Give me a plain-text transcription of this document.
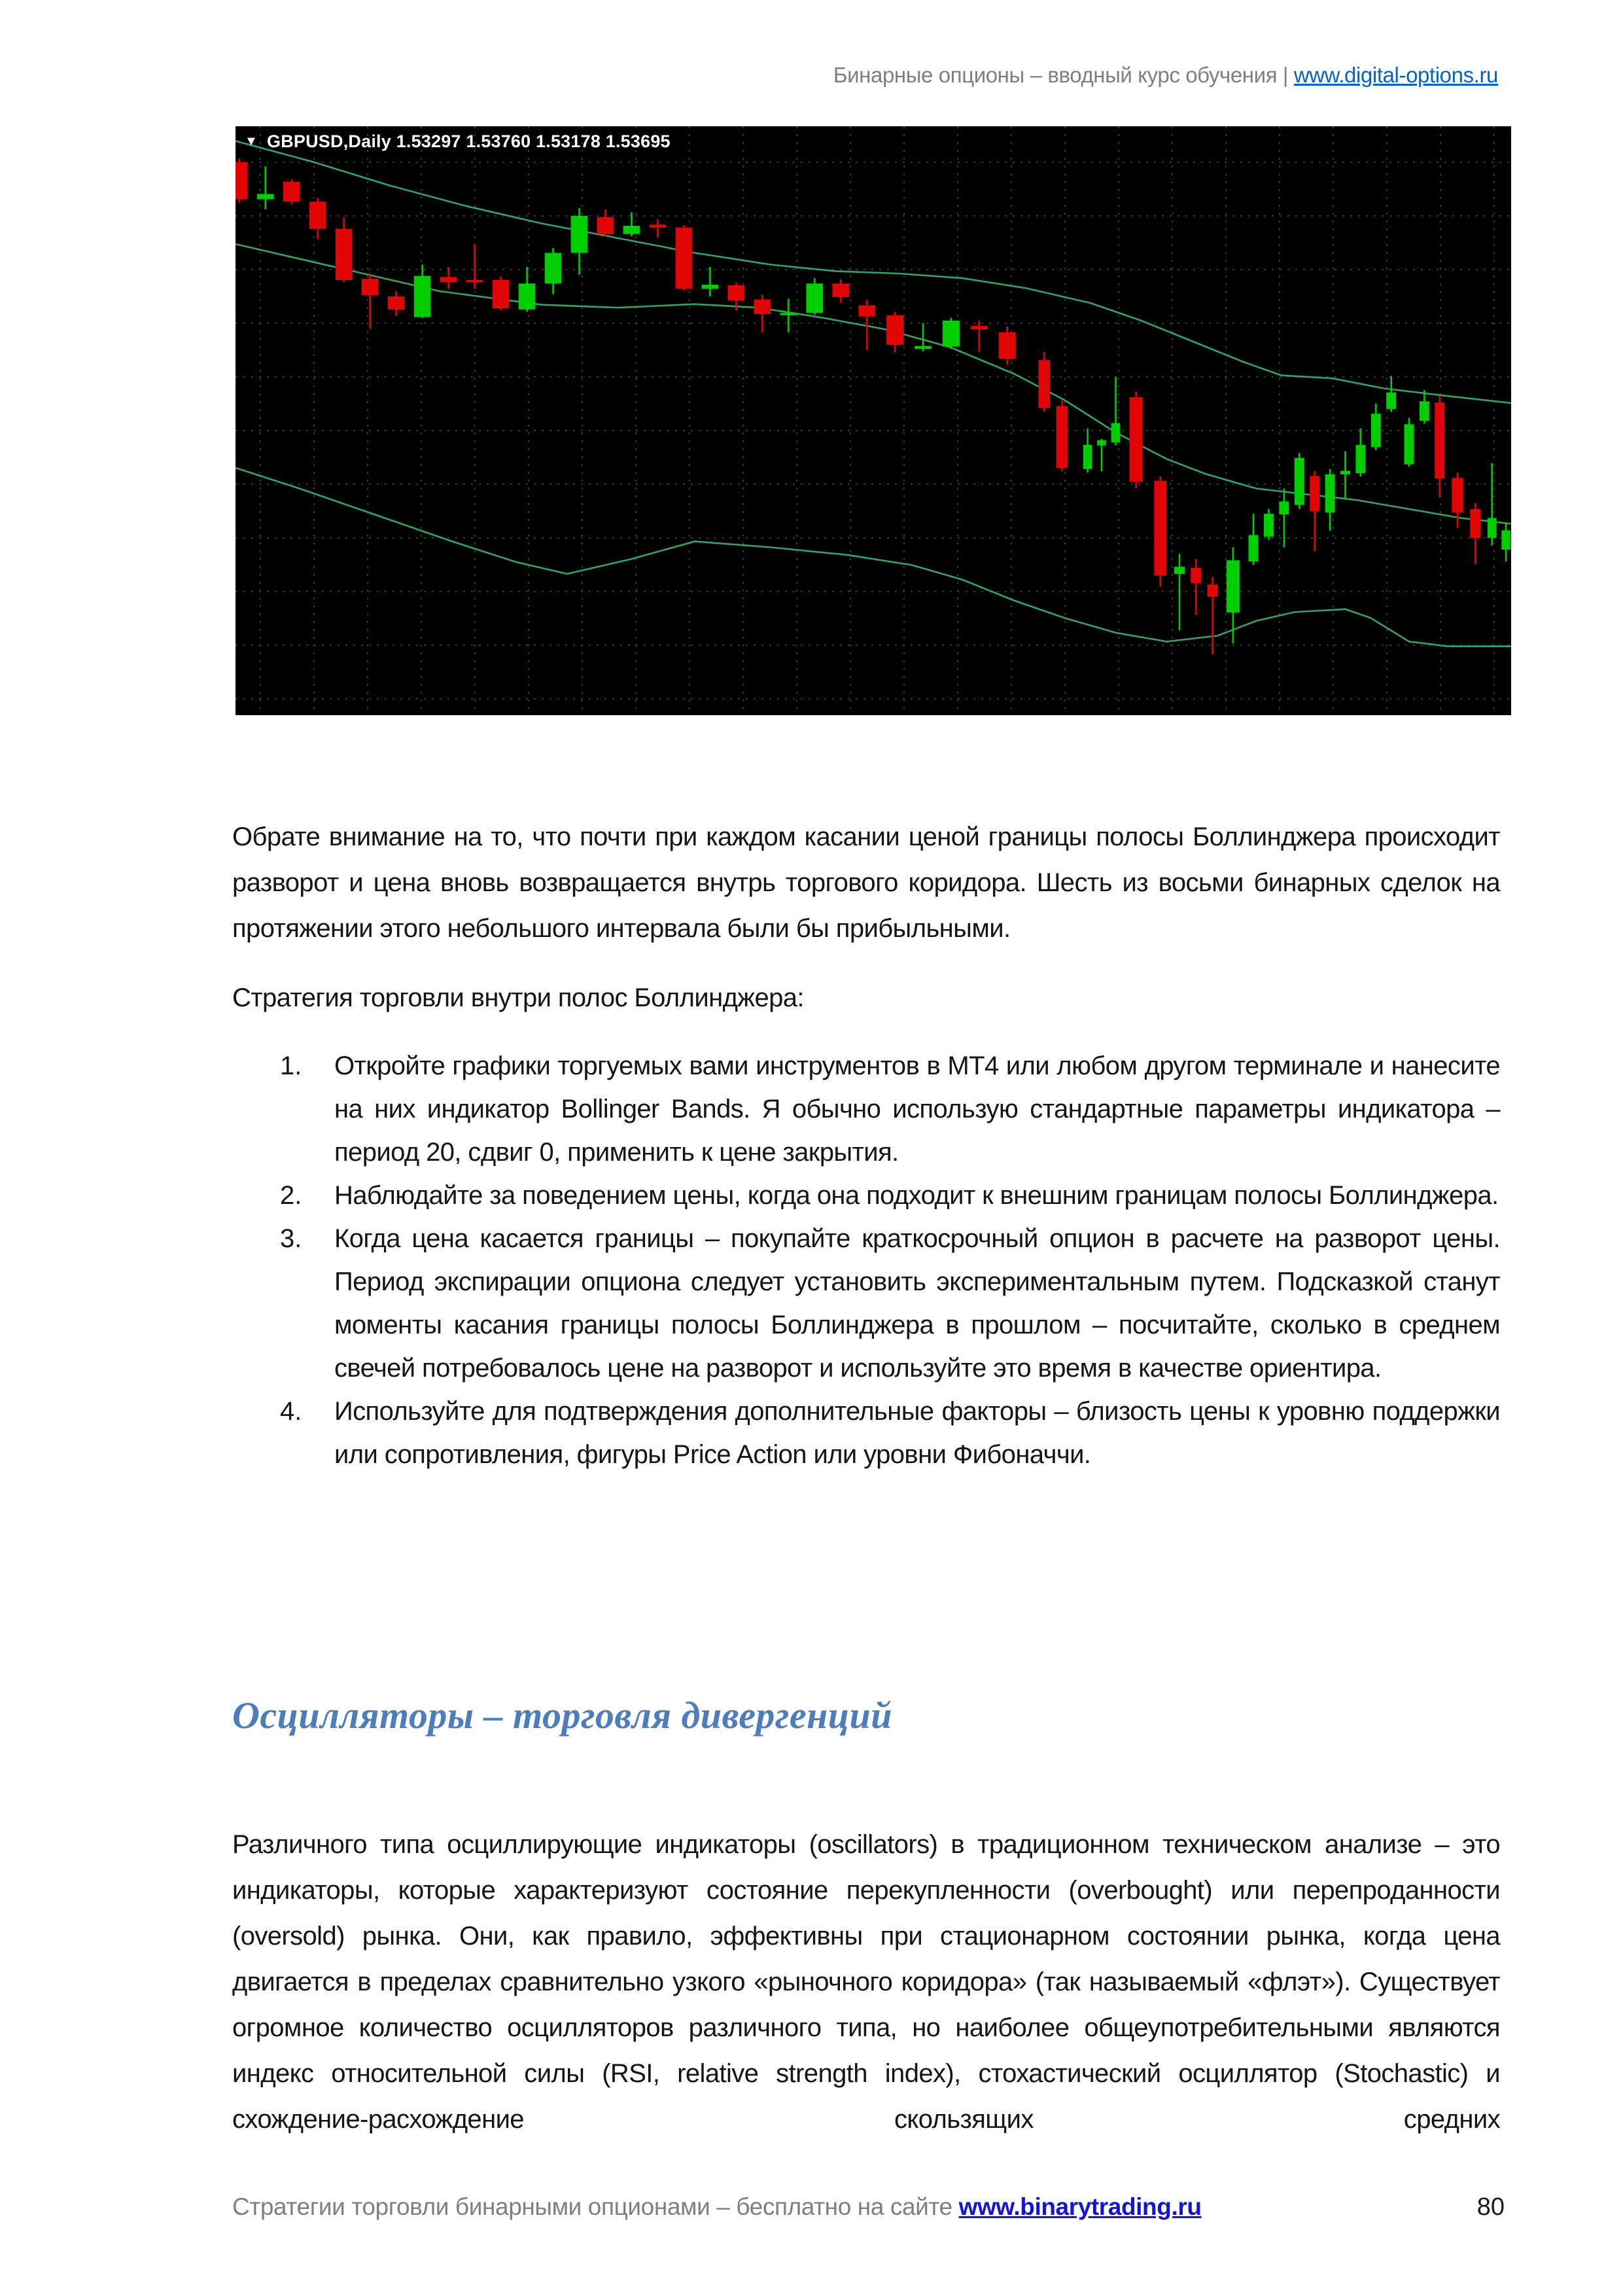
Бинарные опционы – вводный курс обучения | www.digital-options.ru
▼ GBPUSD,Daily 1.53297 1.53760 1.53178 1.53695
Обрате внимание на то, что почти при каждом касании ценой границы полосы Боллинджера происходит разворот и цена вновь возвращается внутрь торгового коридора. Шесть из восьми бинарных сделок на протяжении этого небольшого интервала были бы прибыльными.
Стратегия торговли внутри полос Боллинджера:
1. Откройте графики торгуемых вами инструментов в МТ4 или любом другом терминале и нанесите на них индикатор Bollinger Bands. Я обычно использую стандартные параметры индикатора – период 20, сдвиг 0, применить к цене закрытия.
2. Наблюдайте за поведением цены, когда она подходит к внешним границам полосы Боллинджера.
3. Когда цена касается границы – покупайте краткосрочный опцион в расчете на разворот цены. Период экспирации опциона следует установить экспериментальным путем. Подсказкой станут моменты касания границы полосы Боллинджера в прошлом – посчитайте, сколько в среднем свечей потребовалось цене на разворот и используйте это время в качестве ориентира.
4. Используйте для подтверждения дополнительные факторы – близость цены к уровню поддержки или сопротивления, фигуры Price Action или уровни Фибоначчи.
Осцилляторы – торговля дивергенций
Различного типа осциллирующие индикаторы (oscillators) в традиционном техническом анализе – это индикаторы, которые характеризуют состояние перекупленности (overbought) или перепроданности (oversold) рынка. Они, как правило, эффективны при стационарном состоянии рынка, когда цена двигается в пределах сравнительно узкого «рыночного коридора» (так называемый «флэт»). Существует огромное количество осцилляторов различного типа, но наиболее общеупотребительными являются индекс относительной силы (RSI, relative strength index), стохастический осциллятор (Stochastic) и схождение-расхождение скользящих средних
Стратегии торговли бинарными опционами – бесплатно на сайте www.binarytrading.ru	80
